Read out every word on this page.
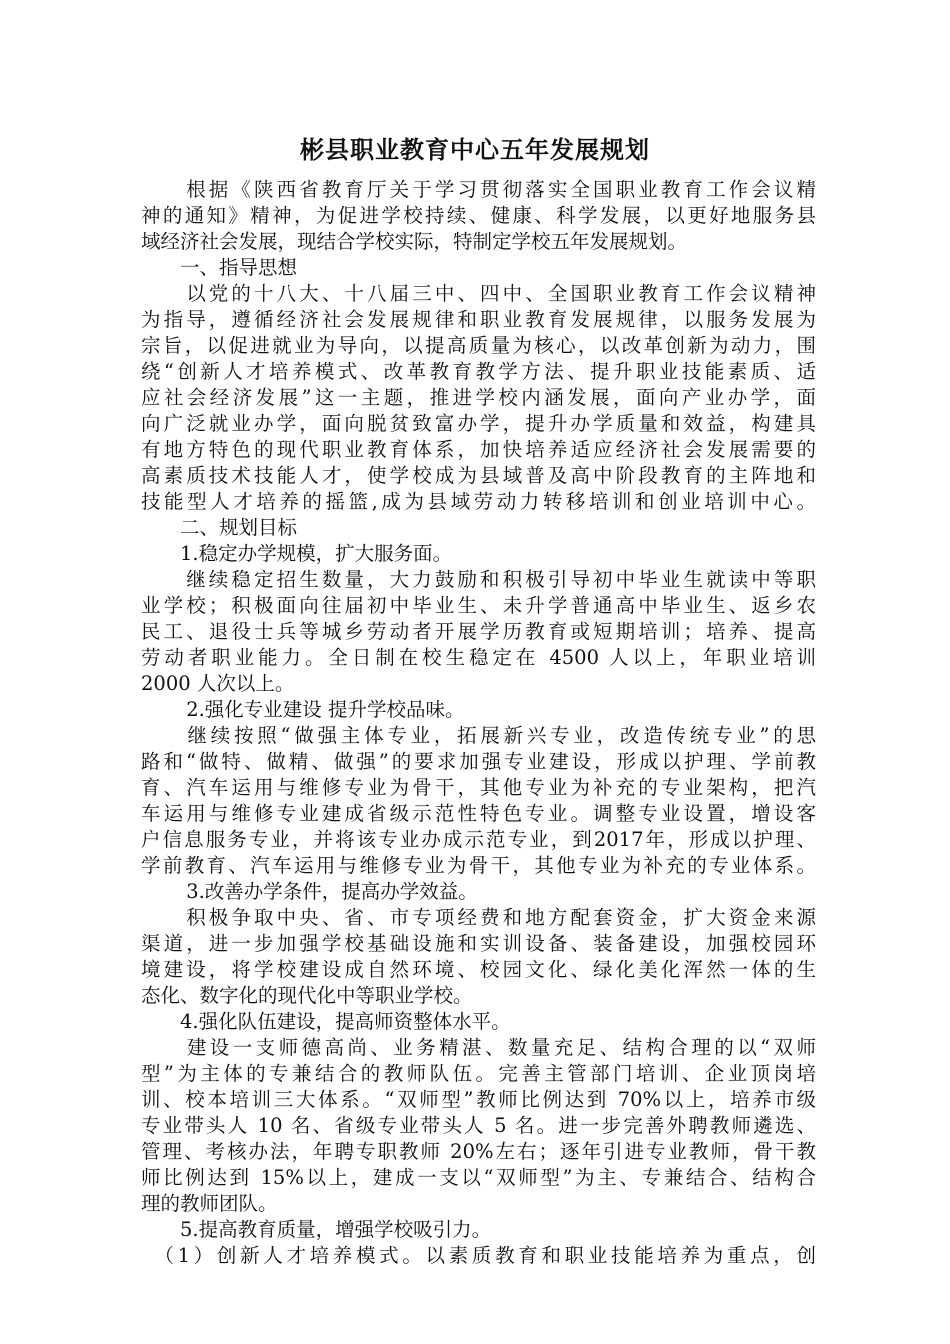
彬县职业教育中心五年发展规划
　　根据《陕西省教育厅关于学习贯彻落实全国职业教育工作会议精
神的通知》精神，为促进学校持续、健康、科学发展，以更好地服务县
域经济社会发展，现结合学校实际，特制定学校五年发展规划。
　　一、指导思想
　　以党的十八大、十八届三中、四中、全国职业教育工作会议精神
为指导，遵循经济社会发展规律和职业教育发展规律，以服务发展为
宗旨，以促进就业为导向，以提高质量为核心，以改革创新为动力，围
绕“创新人才培养模式、改革教育教学方法、提升职业技能素质、适
应社会经济发展”这一主题，推进学校内涵发展，面向产业办学，面
向广泛就业办学，面向脱贫致富办学，提升办学质量和效益，构建具
有地方特色的现代职业教育体系，加快培养适应经济社会发展需要的
高素质技术技能人才，使学校成为县域普及高中阶段教育的主阵地和
技能型人才培养的摇篮,成为县域劳动力转移培训和创业培训中心。
　　二、规划目标
　　1.稳定办学规模，扩大服务面。
　　继续稳定招生数量，大力鼓励和积极引导初中毕业生就读中等职
业学校；积极面向往届初中毕业生、未升学普通高中毕业生、返乡农
民工、退役士兵等城乡劳动者开展学历教育或短期培训；培养、提高
劳动者职业能力。全日制在校生稳定在 4500 人以上，年职业培训
2000 人次以上。
　　 2.强化专业建设 提升学校品味。
　　继续按照“做强主体专业，拓展新兴专业，改造传统专业”的思
路和“做特、做精、做强”的要求加强专业建设，形成以护理、学前教
育、汽车运用与维修专业为骨干，其他专业为补充的专业架构，把汽
车运用与维修专业建成省级示范性特色专业。调整专业设置，增设客
户信息服务专业，并将该专业办成示范专业，到2017年，形成以护理、
学前教育、汽车运用与维修专业为骨干，其他专业为补充的专业体系。
　　 3.改善办学条件，提高办学效益。
　　积极争取中央、省、市专项经费和地方配套资金，扩大资金来源
渠道，进一步加强学校基础设施和实训设备、装备建设，加强校园环
境建设，将学校建设成自然环境、校园文化、绿化美化浑然一体的生
态化、数字化的现代化中等职业学校。
　　4.强化队伍建设，提高师资整体水平。
　　建设一支师德高尚、业务精湛、数量充足、结构合理的以“双师
型”为主体的专兼结合的教师队伍。完善主管部门培训、企业顶岗培
训、校本培训三大体系。“双师型”教师比例达到 70%以上，培养市级
专业带头人 10 名、省级专业带头人 5 名。进一步完善外聘教师遴选、
管理、考核办法，年聘专职教师 20%左右；逐年引进专业教师，骨干教
师比例达到 15%以上，建成一支以“双师型”为主、专兼结合、结构合
理的教师团队。
　　5.提高教育质量，增强学校吸引力。
　（1）创新人才培养模式。以素质教育和职业技能培养为重点，创
